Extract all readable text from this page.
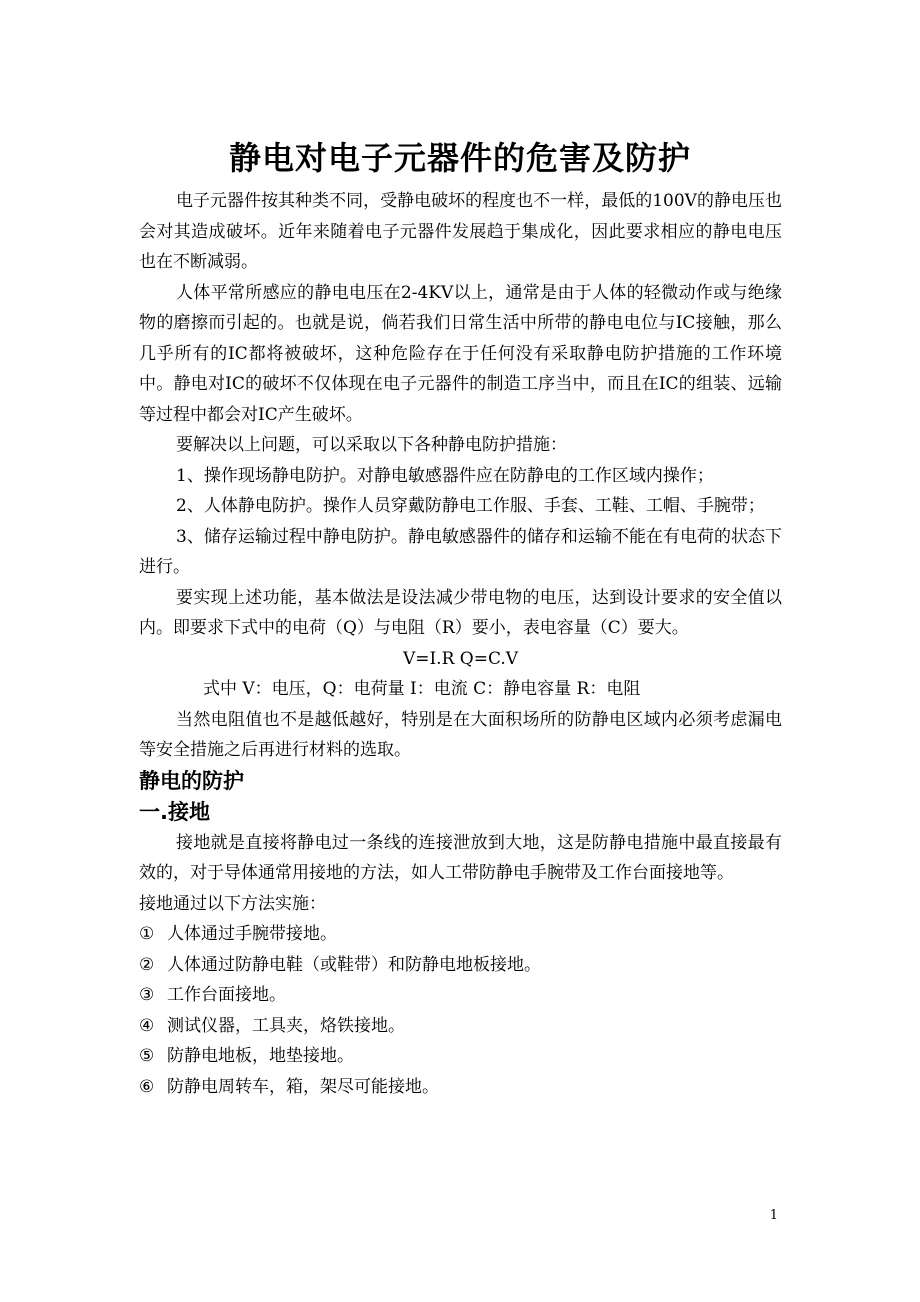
静电对电子元器件的危害及防护

电子元器件按其种类不同，受静电破坏的程度也不一样，最低的100V的静电压也会对其造成破坏。近年来随着电子元器件发展趋于集成化，因此要求相应的静电电压也在不断减弱。

人体平常所感应的静电电压在2-4KV以上，通常是由于人体的轻微动作或与绝缘物的磨擦而引起的。也就是说，倘若我们日常生活中所带的静电电位与IC接触，那么几乎所有的IC都将被破坏，这种危险存在于任何没有采取静电防护措施的工作环境中。静电对IC的破坏不仅体现在电子元器件的制造工序当中，而且在IC的组装、远输等过程中都会对IC产生破坏。

要解决以上问题，可以采取以下各种静电防护措施：

1、操作现场静电防护。对静电敏感器件应在防静电的工作区域内操作；

2、人体静电防护。操作人员穿戴防静电工作服、手套、工鞋、工帽、手腕带；

3、储存运输过程中静电防护。静电敏感器件的储存和运输不能在有电荷的状态下进行。

要实现上述功能，基本做法是设法减少带电物的电压，达到设计要求的安全值以内。即要求下式中的电荷（Q）与电阻（R）要小，表电容量（C）要大。

V=I.R Q=C.V

式中 V：电压，Q：电荷量 I：电流 C：静电容量 R：电阻

当然电阻值也不是越低越好，特别是在大面积场所的防静电区域内必须考虑漏电等安全措施之后再进行材料的选取。

静电的防护
一.接地

接地就是直接将静电过一条线的连接泄放到大地，这是防静电措施中最直接最有效的，对于导体通常用接地的方法，如人工带防静电手腕带及工作台面接地等。

接地通过以下方法实施：

① 人体通过手腕带接地。
② 人体通过防静电鞋（或鞋带）和防静电地板接地。
③ 工作台面接地。
④ 测试仪器，工具夹，烙铁接地。
⑤ 防静电地板，地垫接地。
⑥ 防静电周转车，箱，架尽可能接地。
1
